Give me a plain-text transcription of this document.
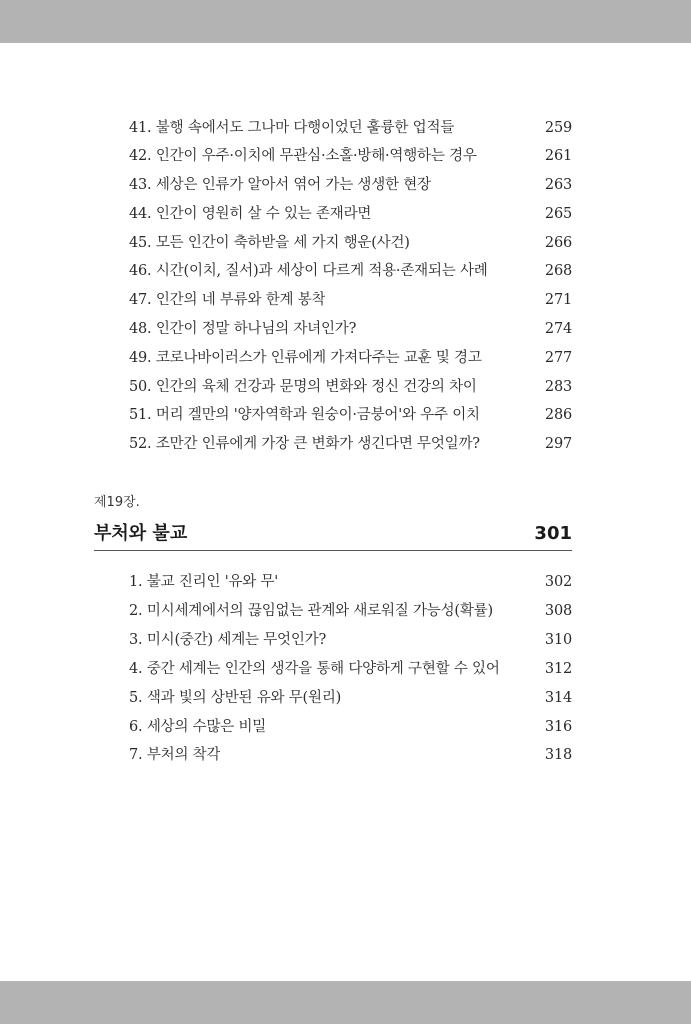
41. 불행 속에서도 그나마 다행이었던 훌륭한 업적들	259
42. 인간이 우주·이치에 무관심·소홀·방해·역행하는 경우	261
43. 세상은 인류가 알아서 엮어 가는 생생한 현장	263
44. 인간이 영원히 살 수 있는 존재라면	265
45. 모든 인간이 축하받을 세 가지 행운(사건)	266
46. 시간(이치, 질서)과 세상이 다르게 적용·존재되는 사례	268
47. 인간의 네 부류와 한계 봉착	271
48. 인간이 정말 하나님의 자녀인가?	274
49. 코로나바이러스가 인류에게 가져다주는 교훈 및 경고	277
50. 인간의 육체 건강과 문명의 변화와 정신 건강의 차이	283
51. 머리 겔만의 '양자역학과 원숭이·금붕어'와 우주 이치	286
52. 조만간 인류에게 가장 큰 변화가 생긴다면 무엇일까?	297
제19장.
부처와 불교	301
1. 불교 진리인 '유와 무'	302
2. 미시세계에서의 끊임없는 관계와 새로워질 가능성(확률)	308
3. 미시(중간) 세계는 무엇인가?	310
4. 중간 세계는 인간의 생각을 통해 다양하게 구현할 수 있어	312
5. 색과 빛의 상반된 유와 무(원리)	314
6. 세상의 수많은 비밀	316
7. 부처의 착각	318
